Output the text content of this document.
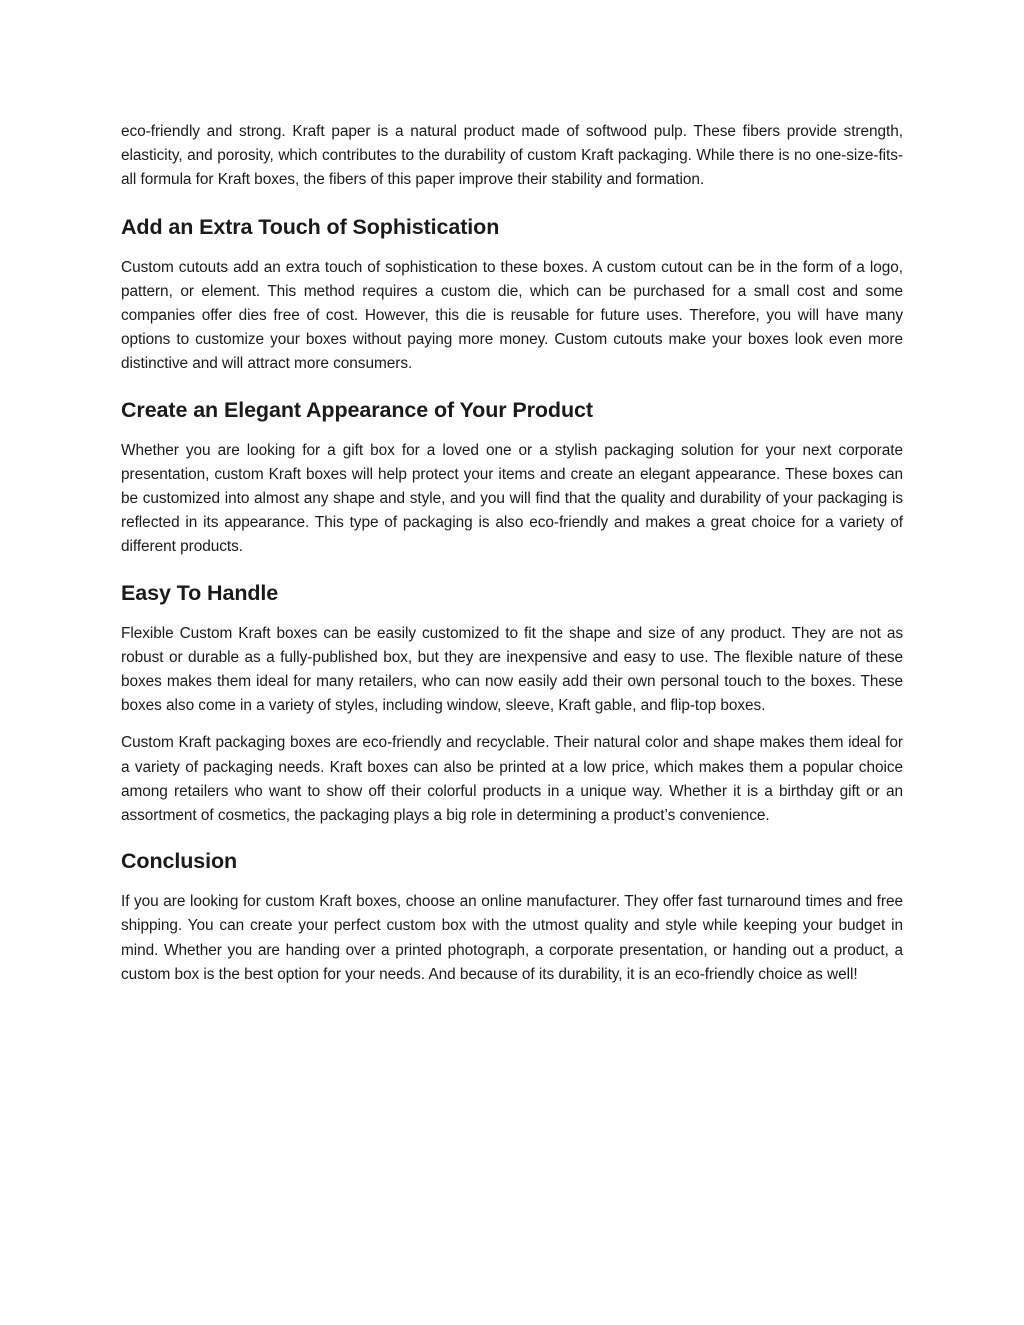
eco-friendly and strong. Kraft paper is a natural product made of softwood pulp. These fibers provide strength, elasticity, and porosity, which contributes to the durability of custom Kraft packaging. While there is no one-size-fits-all formula for Kraft boxes, the fibers of this paper improve their stability and formation.

Add an Extra Touch of Sophistication

Custom cutouts add an extra touch of sophistication to these boxes. A custom cutout can be in the form of a logo, pattern, or element. This method requires a custom die, which can be purchased for a small cost and some companies offer dies free of cost. However, this die is reusable for future uses. Therefore, you will have many options to customize your boxes without paying more money. Custom cutouts make your boxes look even more distinctive and will attract more consumers.

Create an Elegant Appearance of Your Product

Whether you are looking for a gift box for a loved one or a stylish packaging solution for your next corporate presentation, custom Kraft boxes will help protect your items and create an elegant appearance. These boxes can be customized into almost any shape and style, and you will find that the quality and durability of your packaging is reflected in its appearance. This type of packaging is also eco-friendly and makes a great choice for a variety of different products.

Easy To Handle

Flexible Custom Kraft boxes can be easily customized to fit the shape and size of any product. They are not as robust or durable as a fully-published box, but they are inexpensive and easy to use. The flexible nature of these boxes makes them ideal for many retailers, who can now easily add their own personal touch to the boxes. These boxes also come in a variety of styles, including window, sleeve, Kraft gable, and flip-top boxes.

Custom Kraft packaging boxes are eco-friendly and recyclable. Their natural color and shape makes them ideal for a variety of packaging needs. Kraft boxes can also be printed at a low price, which makes them a popular choice among retailers who want to show off their colorful products in a unique way. Whether it is a birthday gift or an assortment of cosmetics, the packaging plays a big role in determining a product’s convenience.

Conclusion

If you are looking for custom Kraft boxes, choose an online manufacturer. They offer fast turnaround times and free shipping. You can create your perfect custom box with the utmost quality and style while keeping your budget in mind. Whether you are handing over a printed photograph, a corporate presentation, or handing out a product, a custom box is the best option for your needs. And because of its durability, it is an eco-friendly choice as well!
